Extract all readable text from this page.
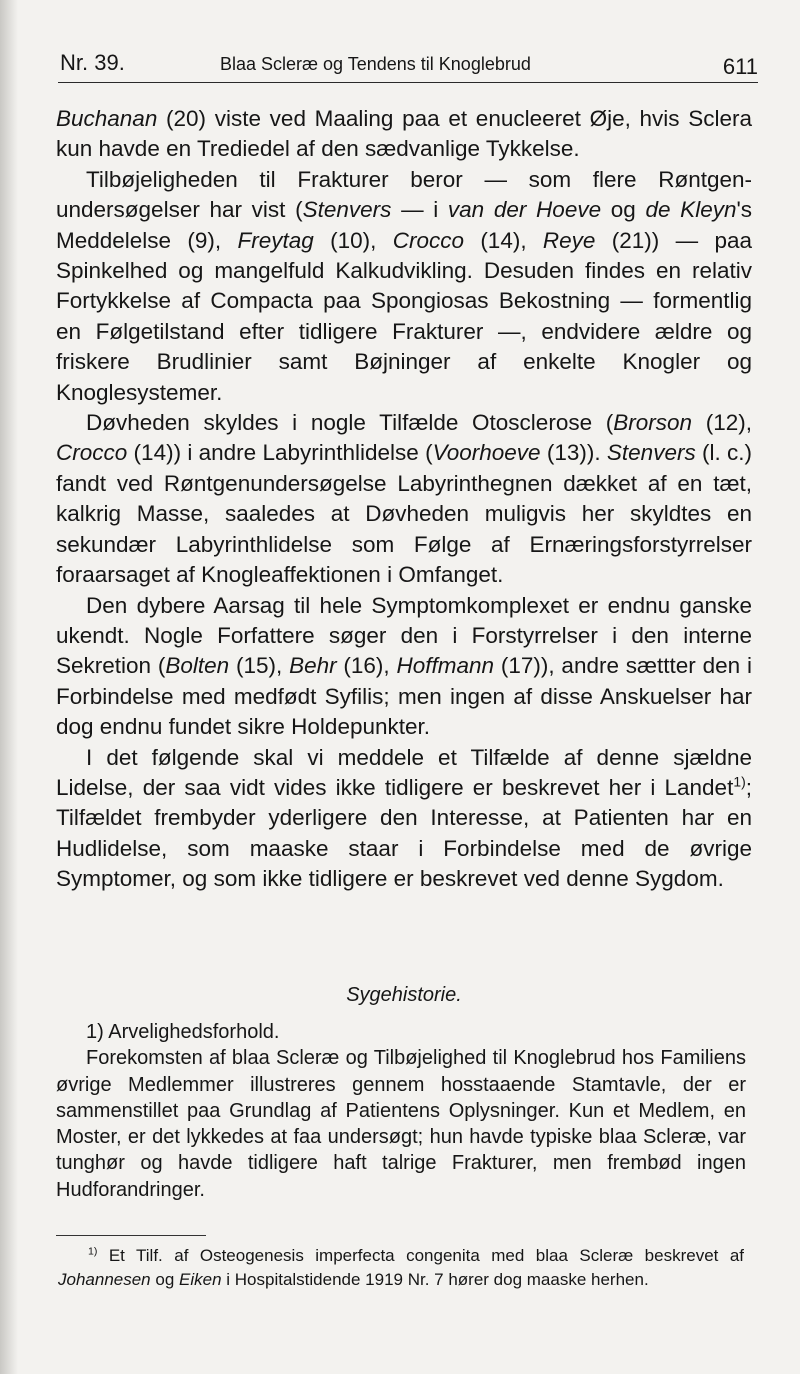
Nr. 39.	Blaa Scleræ og Tendens til Knoglebrud	611

Buchanan (20) viste ved Maaling paa et enucleeret Øje, hvis Sclera kun havde en Trediedel af den sædvanlige Tykkelse.

Tilbøjeligheden til Frakturer beror — som flere Røntgenundersøgelser har vist (Stenvers — i van der Hoeve og de Kleyn's Meddelelse (9), Freytag (10), Crocco (14), Reye (21)) — paa Spinkelhed og mangelfuld Kalkudvikling. Desuden findes en relativ Fortykkelse af Compacta paa Spongiosas Bekostning — formentlig en Følgetilstand efter tidligere Frakturer —, endvidere ældre og friskere Brudlinier samt Bøjninger af enkelte Knogler og Knoglesystemer.

Døvheden skyldes i nogle Tilfælde Otosclerose (Brorson (12), Crocco (14)) i andre Labyrinthlidelse (Voorhoeve (13)). Stenvers (l. c.) fandt ved Røntgenundersøgelse Labyrinthegnen dækket af en tæt, kalkrig Masse, saaledes at Døvheden muligvis her skyldtes en sekundær Labyrinthlidelse som Følge af Ernæringsforstyrrelser foraarsaget af Knogleaffektionen i Omfanget.

Den dybere Aarsag til hele Symptomkomplexet er endnu ganske ukendt. Nogle Forfattere søger den i Forstyrrelser i den interne Sekretion (Bolten (15), Behr (16), Hoffmann (17)), andre sættter den i Forbindelse med medfødt Syfilis; men ingen af disse Anskuelser har dog endnu fundet sikre Holdepunkter.

I det følgende skal vi meddele et Tilfælde af denne sjældne Lidelse, der saa vidt vides ikke tidligere er beskrevet her i Landet$^{1)}$; Tilfældet frembyder yderligere den Interesse, at Patienten har en Hudlidelse, som maaske staar i Forbindelse med de øvrige Symptomer, og som ikke tidligere er beskrevet ved denne Sygdom.

Sygehistorie.

1) Arvelighedsforhold.

Forekomsten af blaa Scleræ og Tilbøjelighed til Knoglebrud hos Familiens øvrige Medlemmer illustreres gennem hosstaaende Stamtavle, der er sammenstillet paa Grundlag af Patientens Oplysninger. Kun et Medlem, en Moster, er det lykkedes at faa undersøgt; hun havde typiske blaa Scleræ, var tunghør og havde tidligere haft talrige Frakturer, men frembød ingen Hudforandringer.

$^{1)}$ Et Tilf. af Osteogenesis imperfecta congenita med blaa Scleræ beskrevet af Johannesen og Eiken i Hospitalstidende 1919 Nr. 7 hører dog maaske herhen.
